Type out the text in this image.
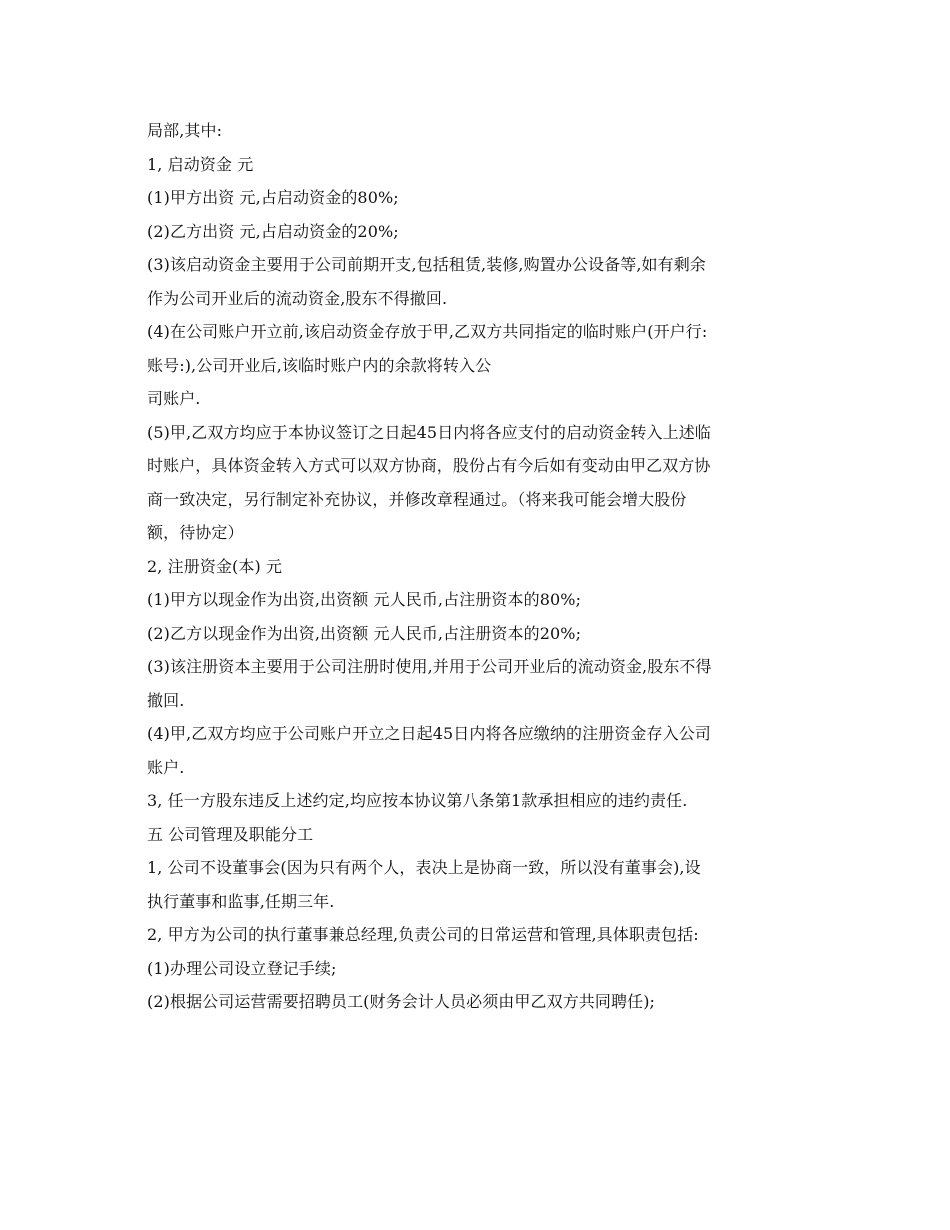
局部,其中:
1, 启动资金 元
(1)甲方出资 元,占启动资金的80%;
(2)乙方出资 元,占启动资金的20%;
(3)该启动资金主要用于公司前期开支,包括租赁,装修,购置办公设备等,如有剩余
作为公司开业后的流动资金,股东不得撤回.
(4)在公司账户开立前,该启动资金存放于甲,乙双方共同指定的临时账户(开户行:
账号:),公司开业后,该临时账户内的余款将转入公
司账户.
(5)甲,乙双方均应于本协议签订之日起45日内将各应支付的启动资金转入上述临
时账户，具体资金转入方式可以双方协商，股份占有今后如有变动由甲乙双方协
商一致决定，另行制定补充协议，并修改章程通过。（将来我可能会增大股份
额，待协定）
2, 注册资金(本) 元
(1)甲方以现金作为出资,出资额 元人民币,占注册资本的80%;
(2)乙方以现金作为出资,出资额 元人民币,占注册资本的20%;
(3)该注册资本主要用于公司注册时使用,并用于公司开业后的流动资金,股东不得
撤回.
(4)甲,乙双方均应于公司账户开立之日起45日内将各应缴纳的注册资金存入公司
账户.
3, 任一方股东违反上述约定,均应按本协议第八条第1款承担相应的违约责任.
五 公司管理及职能分工
1, 公司不设董事会(因为只有两个人，表决上是协商一致，所以没有董事会),设
执行董事和监事,任期三年.
2, 甲方为公司的执行董事兼总经理,负责公司的日常运营和管理,具体职责包括:
(1)办理公司设立登记手续;
(2)根据公司运营需要招聘员工(财务会计人员必须由甲乙双方共同聘任);
